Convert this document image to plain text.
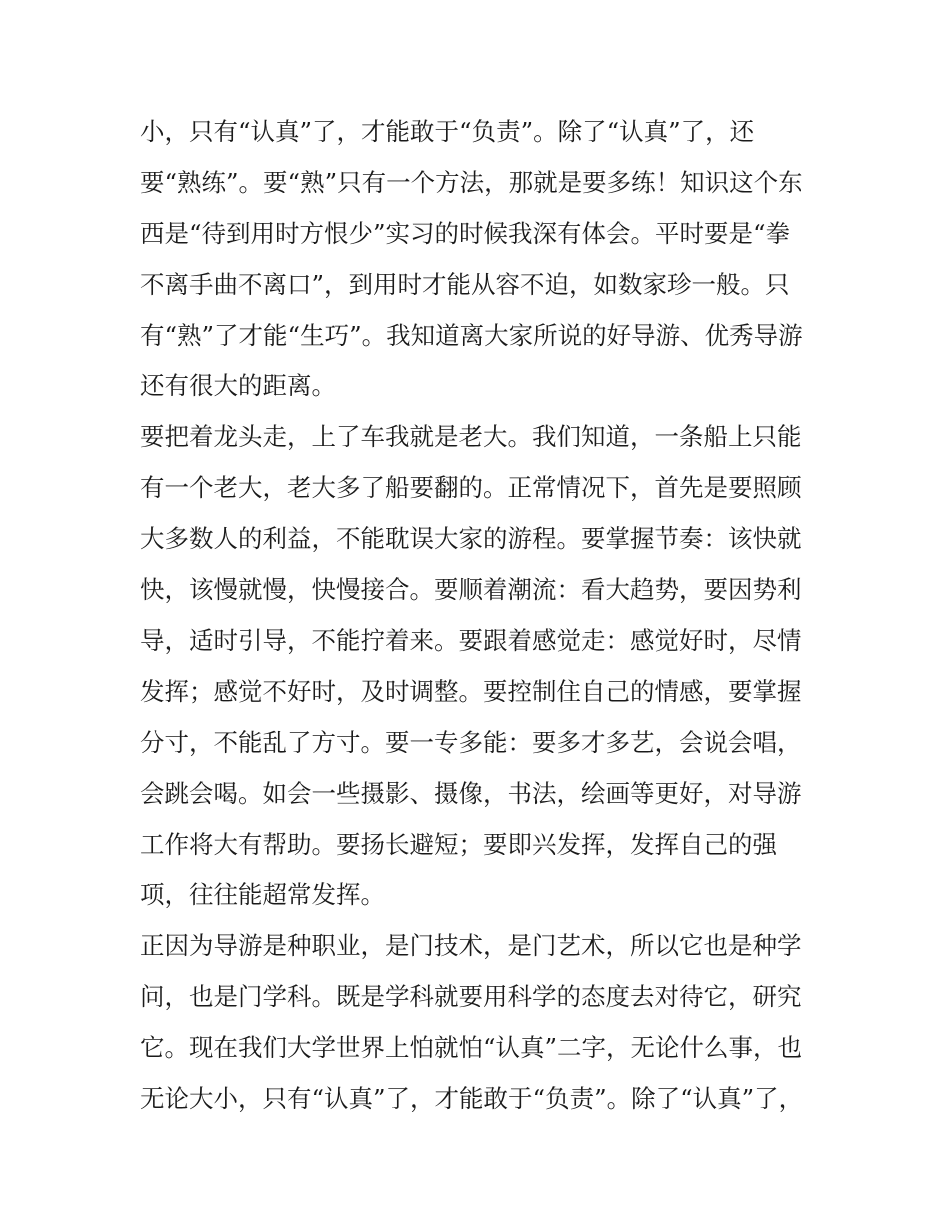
小，只有“认真”了，才能敢于“负责”。除了“认真”了，还
要“熟练”。要“熟”只有一个方法，那就是要多练！知识这个东
西是“待到用时方恨少”实习的时候我深有体会。平时要是“拳
不离手曲不离口”，到用时才能从容不迫，如数家珍一般。只
有“熟”了才能“生巧”。我知道离大家所说的好导游、优秀导游
还有很大的距离。
要把着龙头走，上了车我就是老大。我们知道，一条船上只能
有一个老大，老大多了船要翻的。正常情况下，首先是要照顾
大多数人的利益，不能耽误大家的游程。要掌握节奏：该快就
快，该慢就慢，快慢接合。要顺着潮流：看大趋势，要因势利
导，适时引导，不能拧着来。要跟着感觉走：感觉好时，尽情
发挥；感觉不好时，及时调整。要控制住自己的情感，要掌握
分寸，不能乱了方寸。要一专多能：要多才多艺，会说会唱，
会跳会喝。如会一些摄影、摄像，书法，绘画等更好，对导游
工作将大有帮助。要扬长避短；要即兴发挥，发挥自己的强
项，往往能超常发挥。
正因为导游是种职业，是门技术，是门艺术，所以它也是种学
问，也是门学科。既是学科就要用科学的态度去对待它，研究
它。现在我们大学世界上怕就怕“认真”二字，无论什么事，也
无论大小，只有“认真”了，才能敢于“负责”。除了“认真”了，
